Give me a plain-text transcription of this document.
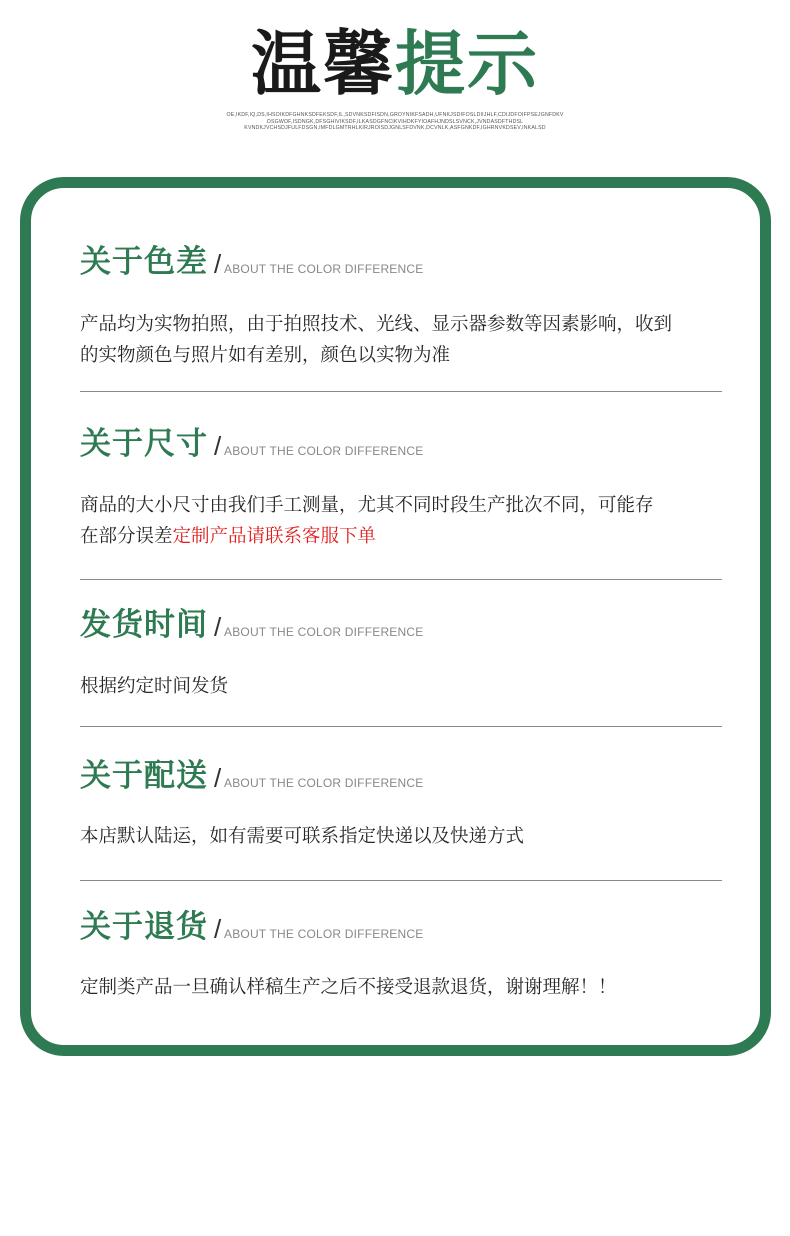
温馨提示
OE,IKDF,IQ,DS,IHSOIKDFGHNKSDFEKSDF,IL,SDVNKSDFISDN,GROYNIKFSADH,UFNKJSDIFOSLDIIJHLF,CDIJDFOIFPSEJGNFDKV
OSGWOF,ISDNGK,DFSGHIVIKSDF,ILKASDGFNCIKVIHDKFYIOAFHJNDSLSVNCK,JVNDASDFTHDSL
KVNDKJVCHSDJFULFDSGN,IMFDLGMTRHLKIRJROISDJGNLSFDVNK,DCVNLK,ASFGNKDF,IGHRNVKDSEV,INKALSD
关于色差 / ABOUT THE COLOR DIFFERENCE
产品均为实物拍照，由于拍照技术、光线、显示器参数等因素影响，收到
的实物颜色与照片如有差别，颜色以实物为准
关于尺寸 / ABOUT THE COLOR DIFFERENCE
商品的大小尺寸由我们手工测量，尤其不同时段生产批次不同，可能存
在部分误差定制产品请联系客服下单
发货时间 / ABOUT THE COLOR DIFFERENCE
根据约定时间发货
关于配送 / ABOUT THE COLOR DIFFERENCE
本店默认陆运，如有需要可联系指定快递以及快递方式
关于退货 / ABOUT THE COLOR DIFFERENCE
定制类产品一旦确认样稿生产之后不接受退款退货，谢谢理解！！
